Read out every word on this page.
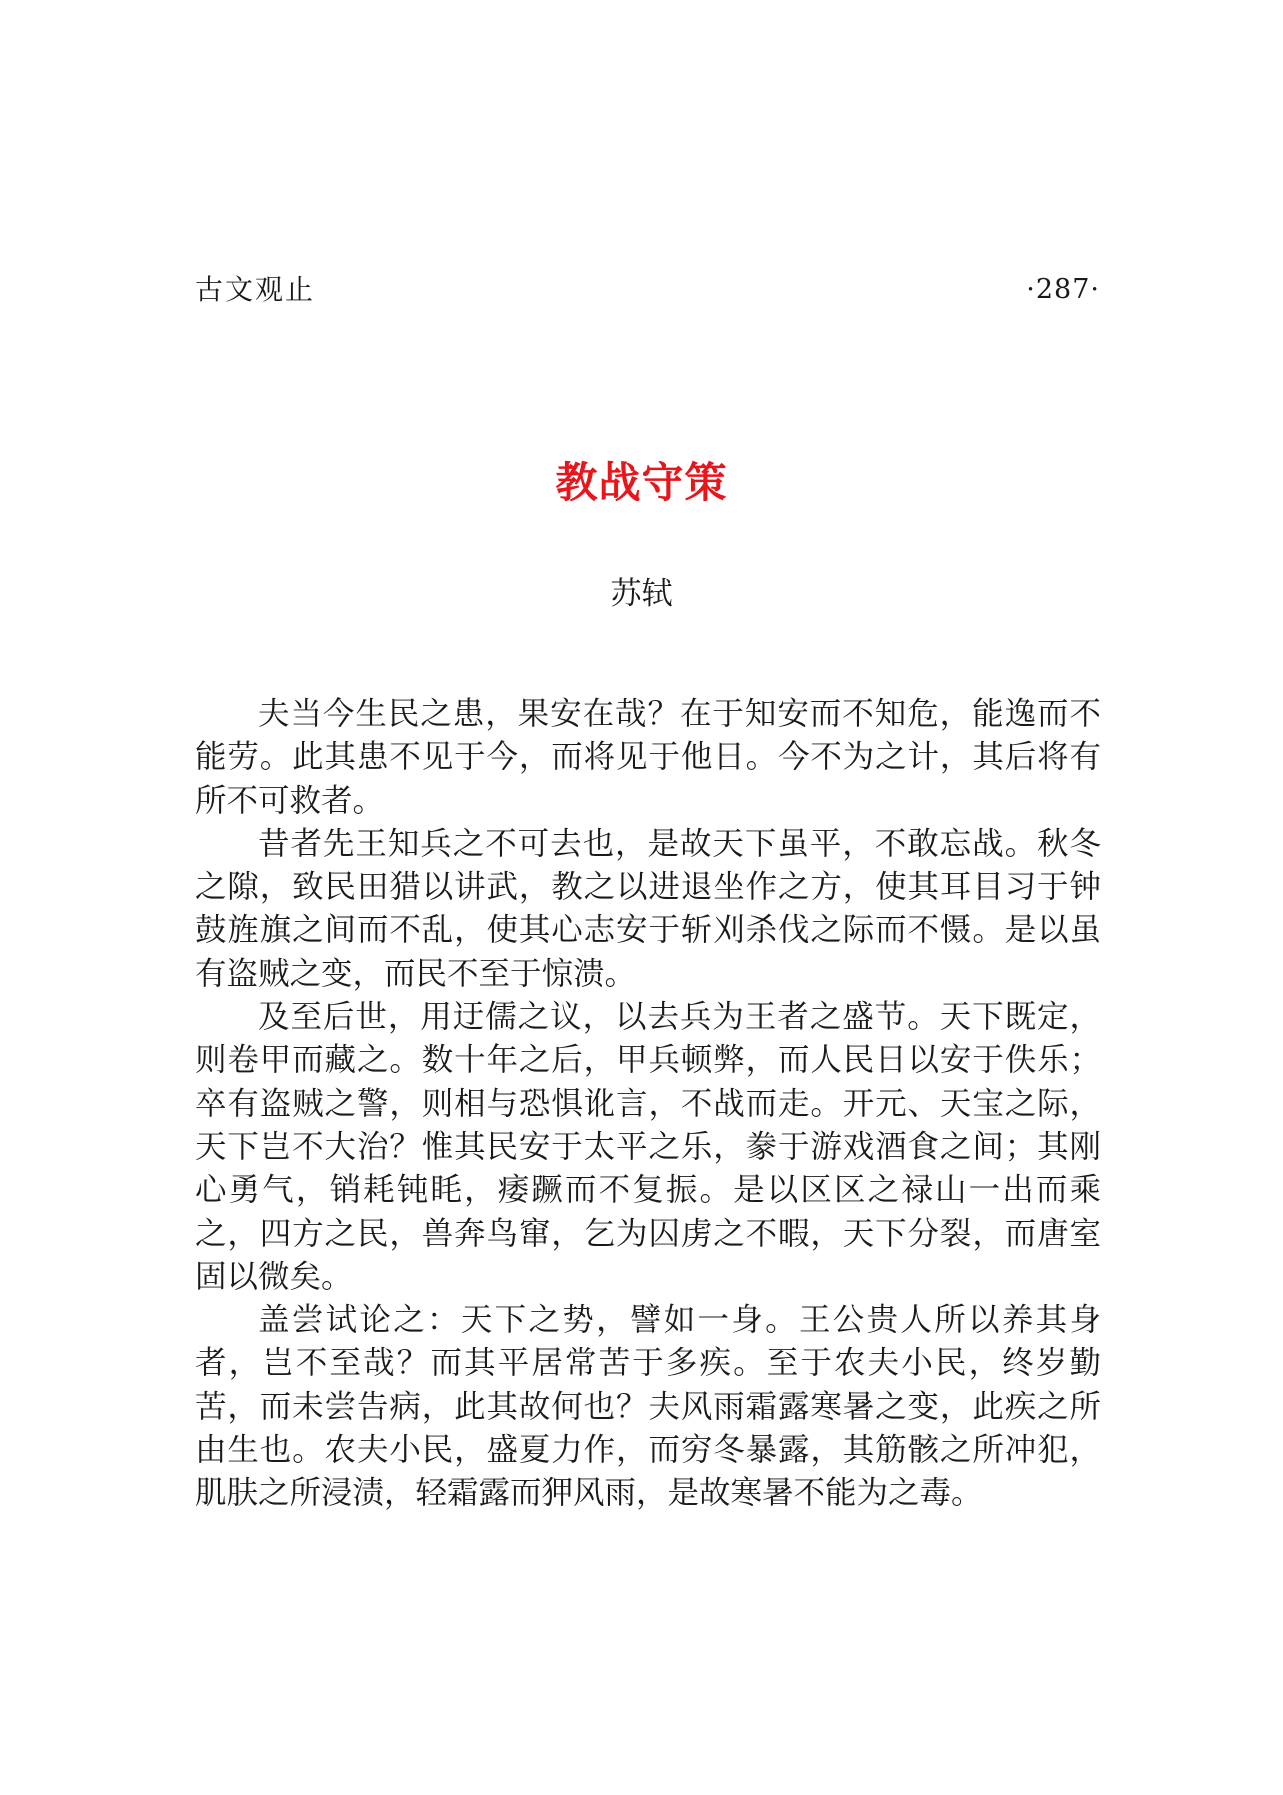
古文观止	·287·
教战守策
苏轼

夫当今生民之患，果安在哉？在于知安而不知危，能逸而不能劳。此其患不见于今，而将见于他日。今不为之计，其后将有所不可救者。

昔者先王知兵之不可去也，是故天下虽平，不敢忘战。秋冬之隙，致民田猎以讲武，教之以进退坐作之方，使其耳目习于钟鼓旌旗之间而不乱，使其心志安于斩刈杀伐之际而不慑。是以虽有盗贼之变，而民不至于惊溃。

及至后世，用迂儒之议，以去兵为王者之盛节。天下既定，则卷甲而藏之。数十年之后，甲兵顿弊，而人民日以安于佚乐；卒有盗贼之警，则相与恐惧讹言，不战而走。开元、天宝之际，天下岂不大治？惟其民安于太平之乐，豢于游戏酒食之间；其刚心勇气，销耗钝眊，痿蹶而不复振。是以区区之禄山一出而乘之，四方之民，兽奔鸟窜，乞为囚虏之不暇，天下分裂，而唐室固以微矣。

盖尝试论之：天下之势，譬如一身。王公贵人所以养其身者，岂不至哉？而其平居常苦于多疾。至于农夫小民，终岁勤苦，而未尝告病，此其故何也？夫风雨霜露寒暑之变，此疾之所由生也。农夫小民，盛夏力作，而穷冬暴露，其筋骸之所冲犯，肌肤之所浸渍，轻霜露而狎风雨，是故寒暑不能为之毒。
